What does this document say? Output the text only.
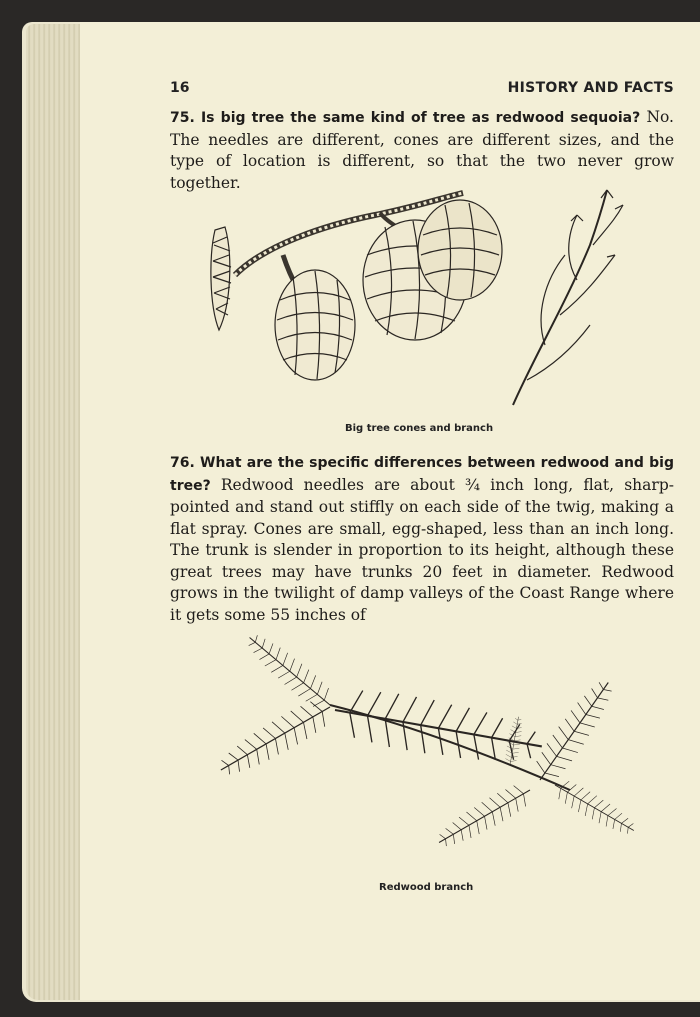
16	HISTORY AND FACTS
75. Is big tree the same kind of tree as redwood sequoia? No. The needles are different, cones are different sizes, and the type of location is different, so that the two never grow together.
Big tree cones and branch
76. What are the specific differences between redwood and big tree? Redwood needles are about ¾ inch long, flat, sharp-pointed and stand out stiffly on each side of the twig, making a flat spray. Cones are small, egg-shaped, less than an inch long. The trunk is slender in proportion to its height, although these great trees may have trunks 20 feet in diameter. Redwood grows in the twilight of damp valleys of the Coast Range where it gets some 55 inches of
Redwood branch
